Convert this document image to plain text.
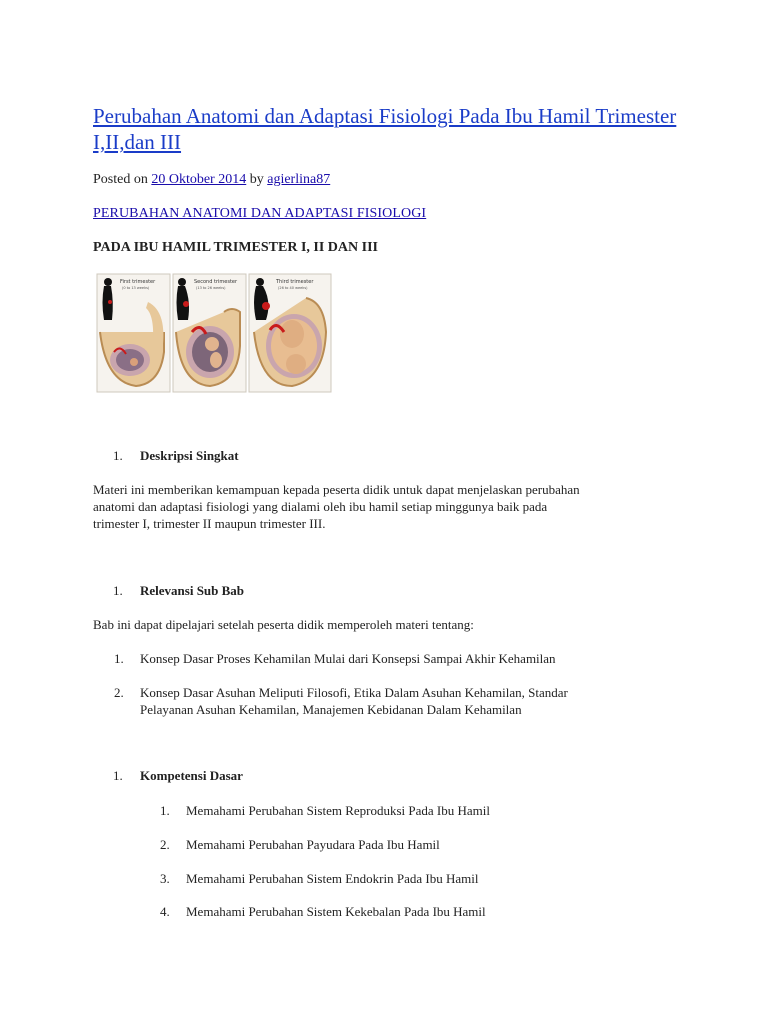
Perubahan Anatomi dan Adaptasi Fisiologi Pada Ibu Hamil Trimester I,II,dan III
Posted on 20 Oktober 2014 by agierlina87
PERUBAHAN ANATOMI DAN ADAPTASI FISIOLOGI
PADA IBU HAMIL TRIMESTER I, II DAN III
First trimester
(0 to 13 weeks)
Second trimester
(13 to 26 weeks)
Third trimester
(26 to 40 weeks)
1. Deskripsi Singkat
Materi ini memberikan kemampuan kepada peserta didik untuk dapat menjelaskan perubahan
anatomi dan adaptasi fisiologi yang dialami oleh ibu hamil setiap minggunya baik pada
trimester I, trimester II maupun trimester III.
1. Relevansi Sub Bab
Bab ini dapat dipelajari setelah peserta didik memperoleh materi tentang:
1. Konsep Dasar Proses Kehamilan Mulai dari Konsepsi Sampai Akhir Kehamilan
2. Konsep Dasar Asuhan Meliputi Filosofi, Etika Dalam Asuhan Kehamilan, Standar
Pelayanan Asuhan Kehamilan, Manajemen Kebidanan Dalam Kehamilan
1. Kompetensi Dasar
1. Memahami Perubahan Sistem Reproduksi Pada Ibu Hamil
2. Memahami Perubahan Payudara Pada Ibu Hamil
3. Memahami Perubahan Sistem Endokrin Pada Ibu Hamil
4. Memahami Perubahan Sistem Kekebalan Pada Ibu Hamil
